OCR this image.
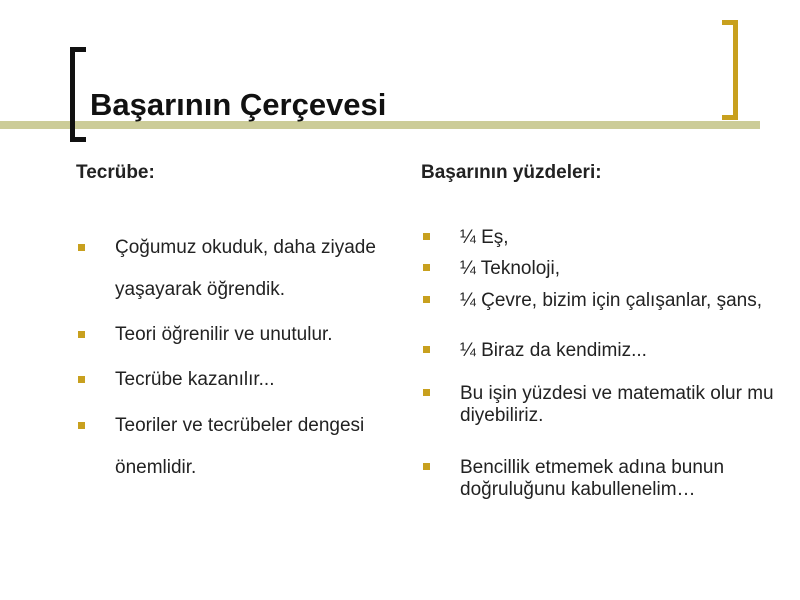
Başarının Çerçevesi
Tecrübe:	Başarının yüzdeleri:
Çoğumuz okuduk, daha ziyade yaşayarak öğrendik.
Teori öğrenilir ve unutulur.
Tecrübe kazanılır...
Teoriler ve tecrübeler dengesi önemlidir.
¼ Eş,
¼ Teknoloji,
¼ Çevre, bizim için çalışanlar, şans,
¼ Biraz da kendimiz...
Bu işin yüzdesi ve matematik olur mu diyebiliriz.
Bencillik etmemek adına bunun doğruluğunu kabullenelim…
